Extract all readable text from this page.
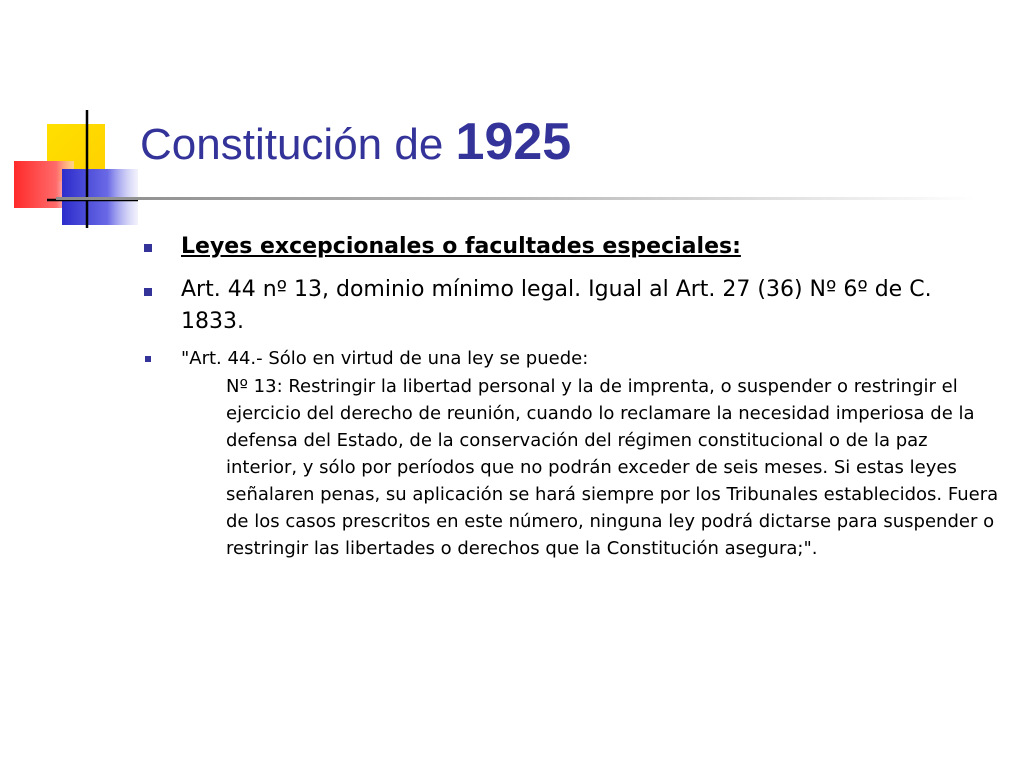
Constitución de 1925
Leyes excepcionales o facultades especiales:
Art. 44 nº 13, dominio mínimo legal. Igual al Art. 27 (36) Nº 6º de C. 1833.
"Art. 44.- Sólo en virtud de una ley se puede:
Nº 13: Restringir la libertad personal y la de imprenta, o suspender o restringir el ejercicio del derecho de reunión, cuando lo reclamare la necesidad imperiosa de la defensa del Estado, de la conservación del régimen constitucional o de la paz interior, y sólo por períodos que no podrán exceder de seis meses. Si estas leyes señalaren penas, su aplicación se hará siempre por los Tribunales establecidos. Fuera de los casos prescritos en este número, ninguna ley podrá dictarse para suspender o restringir las libertades o derechos que la Constitución asegura;".
